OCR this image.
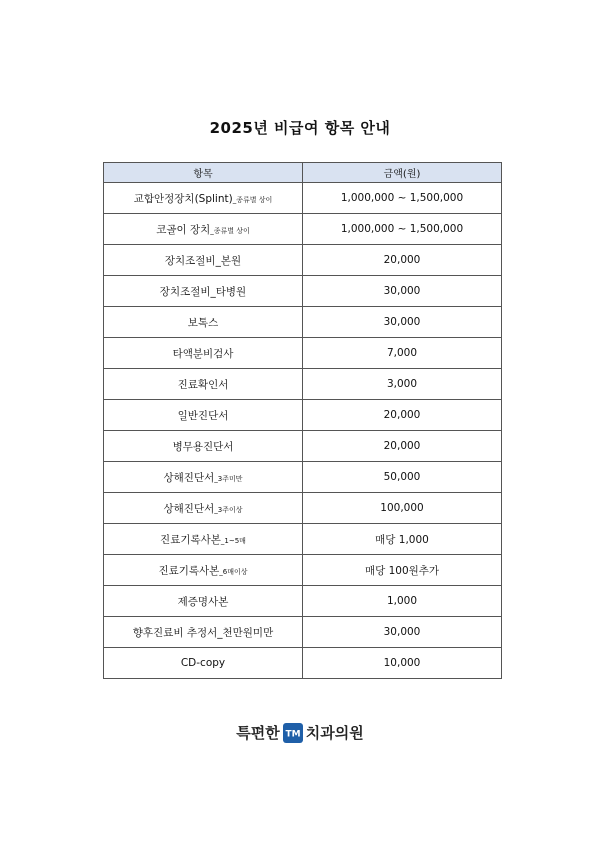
2025년 비급여 항목 안내
항목	금액(원)
교합안정장치(Splint)_종류별 상이	1,000,000 ~ 1,500,000
코골이 장치_종류별 상이	1,000,000 ~ 1,500,000
장치조절비_본원	20,000
장치조절비_타병원	30,000
보톡스	30,000
타액분비검사	7,000
진료확인서	3,000
일반진단서	20,000
병무용진단서	20,000
상해진단서_3주미만	50,000
상해진단서_3주이상	100,000
진료기록사본_1~5매	매당 1,000
진료기록사본_6매이상	매당 100원추가
제증명사본	1,000
향후진료비 추정서_천만원미만	30,000
CD-copy	10,000
특편한 TM 치과의원
